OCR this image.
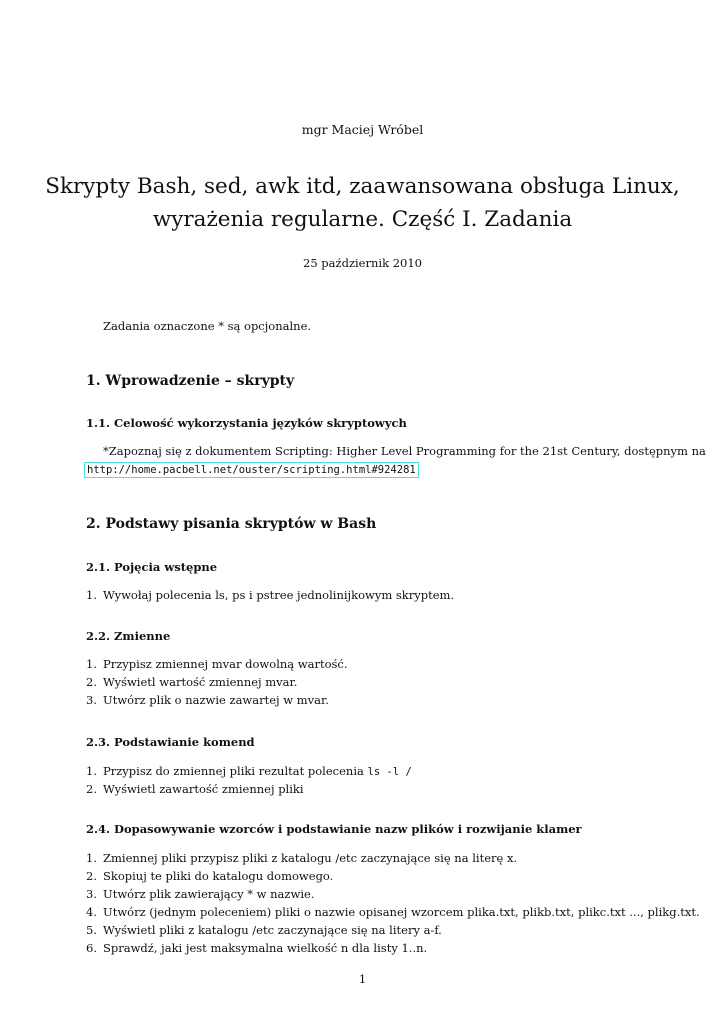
mgr Maciej Wróbel
Skrypty Bash, sed, awk itd, zaawansowana obsługa Linux,
wyrażenia regularne. Część I. Zadania
25 październik 2010
Zadania oznaczone * są opcjonalne.
1. Wprowadzenie – skrypty
1.1. Celowość wykorzystania języków skryptowych
*Zapoznaj się z dokumentem Scripting: Higher Level Programming for the 21st Century, dostępnym na
http://home.pacbell.net/ouster/scripting.html#924281
2. Podstawy pisania skryptów w Bash
2.1. Pojęcia wstępne
1. Wywołaj polecenia ls, ps i pstree jednolinijkowym skryptem.
2.2. Zmienne
1. Przypisz zmiennej mvar dowolną wartość.
2. Wyświetl wartość zmiennej mvar.
3. Utwórz plik o nazwie zawartej w mvar.
2.3. Podstawianie komend
1. Przypisz do zmiennej pliki rezultat polecenia ls -l /
2. Wyświetl zawartość zmiennej pliki
2.4. Dopasowywanie wzorców i podstawianie nazw plików i rozwijanie klamer
1. Zmiennej pliki przypisz pliki z katalogu /etc zaczynające się na literę x.
2. Skopiuj te pliki do katalogu domowego.
3. Utwórz plik zawierający * w nazwie.
4. Utwórz (jednym poleceniem) pliki o nazwie opisanej wzorcem plika.txt, plikb.txt, plikc.txt ..., plikg.txt.
5. Wyświetl pliki z katalogu /etc zaczynające się na litery a-f.
6. Sprawdź, jaki jest maksymalna wielkość n dla listy 1..n.
1
